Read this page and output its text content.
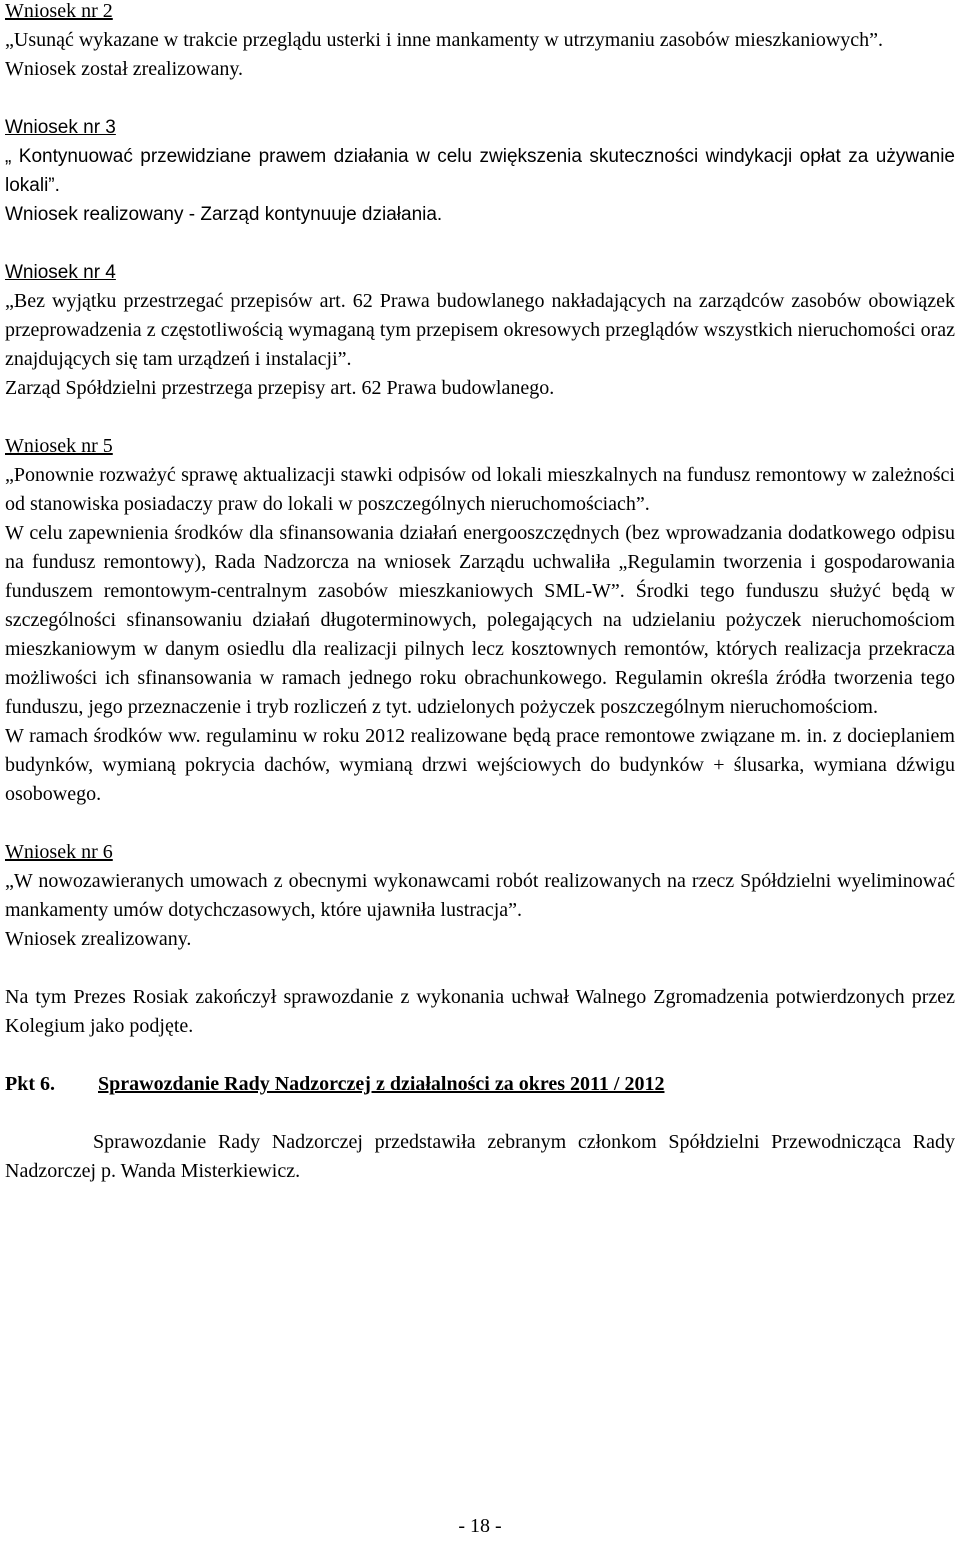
Wniosek nr 2

„Usunąć wykazane w trakcie przeglądu usterki i inne mankamenty w utrzymaniu zasobów mieszkaniowych”.

Wniosek został zrealizowany.

Wniosek nr 3

„ Kontynuować przewidziane prawem działania w celu zwiększenia skuteczności windykacji opłat za używanie lokali”.

Wniosek realizowany - Zarząd kontynuuje działania.

Wniosek nr 4

„Bez wyjątku przestrzegać przepisów art. 62 Prawa budowlanego nakładających na zarządców zasobów obowiązek przeprowadzenia z częstotliwością wymaganą tym przepisem okresowych przeglądów wszystkich nieruchomości oraz znajdujących się tam urządzeń i instalacji”.

Zarząd Spółdzielni przestrzega przepisy art. 62 Prawa budowlanego.

Wniosek nr 5

„Ponownie rozważyć sprawę aktualizacji stawki odpisów od lokali mieszkalnych na fundusz remontowy w zależności od stanowiska posiadaczy praw do lokali w poszczególnych nieruchomościach”.

W celu zapewnienia środków dla sfinansowania działań energooszczędnych (bez wprowadzania dodatkowego odpisu na fundusz remontowy), Rada Nadzorcza na wniosek Zarządu uchwaliła „Regulamin tworzenia i gospodarowania funduszem remontowym-centralnym zasobów mieszkaniowych SML-W”. Środki tego funduszu służyć będą w szczególności sfinansowaniu działań długoterminowych, polegających na udzielaniu pożyczek nieruchomościom mieszkaniowym w danym osiedlu dla realizacji pilnych lecz kosztownych remontów, których realizacja przekracza możliwości ich sfinansowania w ramach jednego roku obrachunkowego. Regulamin określa źródła tworzenia tego funduszu, jego przeznaczenie i tryb rozliczeń z tyt. udzielonych pożyczek poszczególnym nieruchomościom.

W ramach środków ww. regulaminu w roku 2012 realizowane będą prace remontowe związane m. in. z docieplaniem budynków, wymianą pokrycia dachów, wymianą drzwi wejściowych do budynków + ślusarka, wymiana dźwigu osobowego.

Wniosek nr 6

„W nowozawieranych umowach z obecnymi wykonawcami robót realizowanych na rzecz Spółdzielni wyeliminować mankamenty umów dotychczasowych, które ujawniła lustracja”.

Wniosek zrealizowany.

Na tym Prezes Rosiak zakończył sprawozdanie z wykonania uchwał Walnego Zgromadzenia potwierdzonych przez Kolegium jako podjęte.

Pkt 6. Sprawozdanie Rady Nadzorczej z działalności za okres 2011 / 2012

Sprawozdanie Rady Nadzorczej przedstawiła zebranym członkom Spółdzielni Przewodnicząca Rady Nadzorczej p. Wanda Misterkiewicz.

- 18 -
